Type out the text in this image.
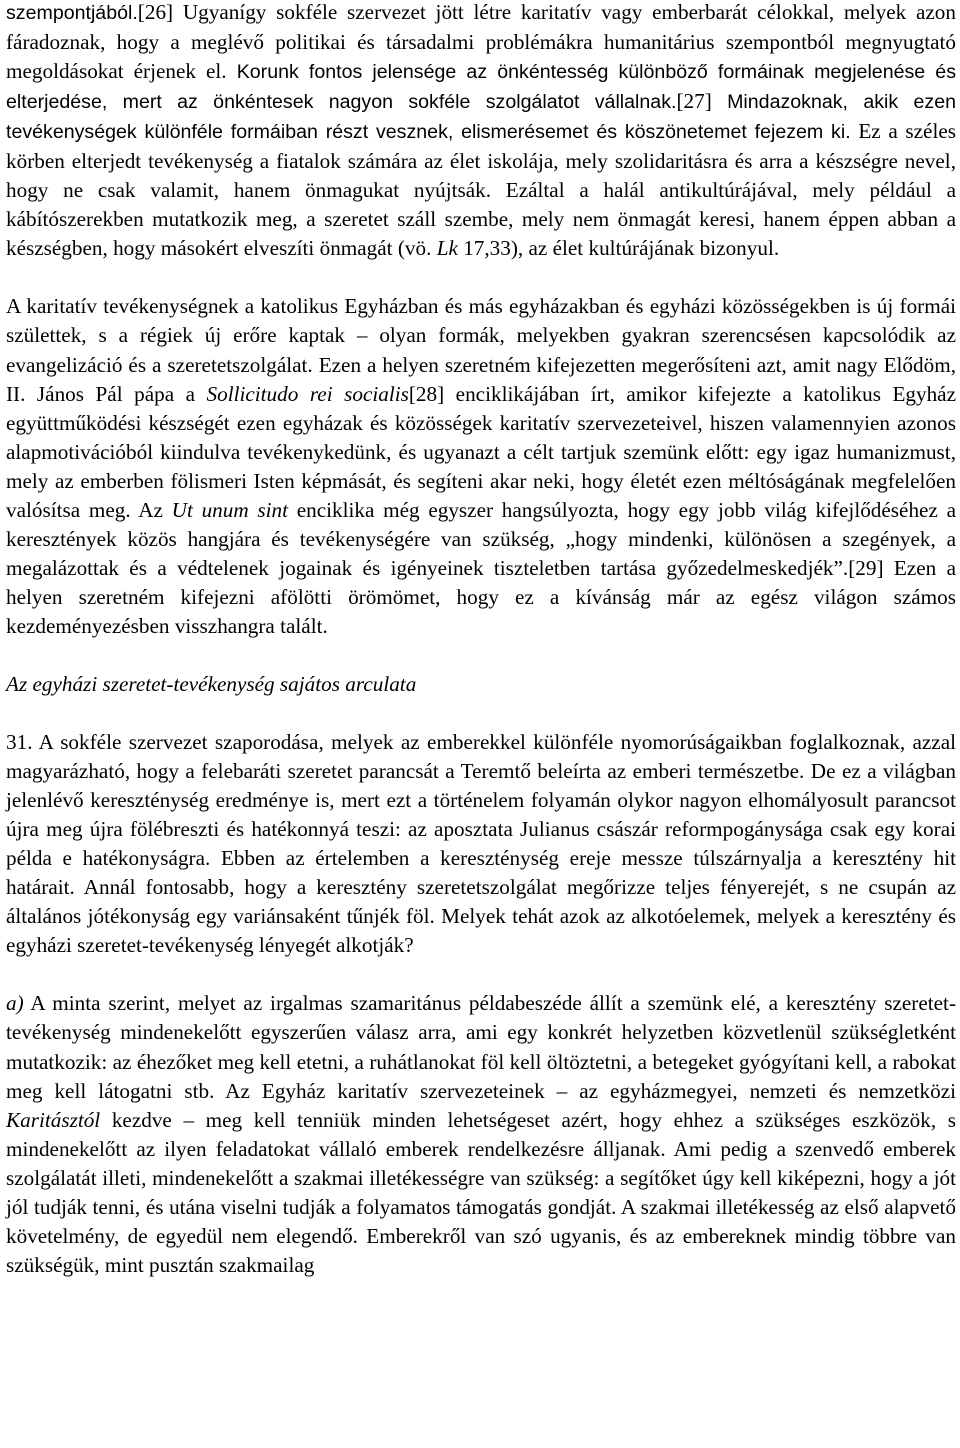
szempontjából.[26] Ugyanígy sokféle szervezet jött létre karitatív vagy emberbarát célokkal, melyek azon fáradoznak, hogy a meglévő politikai és társadalmi problémákra humanitárius szempontból megnyugtató megoldásokat érjenek el. Korunk fontos jelensége az önkéntesség különböző formáinak megjelenése és elterjedése, mert az önkéntesek nagyon sokféle szolgálatot vállalnak.[27] Mindazoknak, akik ezen tevékenységek különféle formáiban részt vesznek, elismerésemet és köszönetemet fejezem ki. Ez a széles körben elterjedt tevékenység a fiatalok számára az élet iskolája, mely szolidaritásra és arra a készségre nevel, hogy ne csak valamit, hanem önmagukat nyújtsák. Ezáltal a halál antikultúrájával, mely például a kábítószerekben mutatkozik meg, a szeretet száll szembe, mely nem önmagát keresi, hanem éppen abban a készségben, hogy másokért elveszíti önmagát (vö. Lk 17,33), az élet kultúrájának bizonyul.

A karitatív tevékenységnek a katolikus Egyházban és más egyházakban és egyházi közösségekben is új formái születtek, s a régiek új erőre kaptak – olyan formák, melyekben gyakran szerencsésen kapcsolódik az evangelizáció és a szeretetszolgálat. Ezen a helyen szeretném kifejezetten megerősíteni azt, amit nagy Elődöm, II. János Pál pápa a Sollicitudo rei socialis[28] enciklikájában írt, amikor kifejezte a katolikus Egyház együttműködési készségét ezen egyházak és közösségek karitatív szervezeteivel, hiszen valamennyien azonos alapmotivációból kiindulva tevékenykedünk, és ugyanazt a célt tartjuk szemünk előtt: egy igaz humanizmust, mely az emberben fölismeri Isten képmását, és segíteni akar neki, hogy életét ezen méltóságának megfelelően valósítsa meg. Az Ut unum sint enciklika még egyszer hangsúlyozta, hogy egy jobb világ kifejlődéséhez a keresztények közös hangjára és tevékenységére van szükség, „hogy mindenki, különösen a szegények, a megalázottak és a védtelenek jogainak és igényeinek tiszteletben tartása győzedelmeskedjék”.[29] Ezen a helyen szeretném kifejezni afölötti örömömet, hogy ez a kívánság már az egész világon számos kezdeményezésben visszhangra talált.

Az egyházi szeretet-tevékenység sajátos arculata

31. A sokféle szervezet szaporodása, melyek az emberekkel különféle nyomorúságaikban foglalkoznak, azzal magyarázható, hogy a felebaráti szeretet parancsát a Teremtő beleírta az emberi természetbe. De ez a világban jelenlévő kereszténység eredménye is, mert ezt a történelem folyamán olykor nagyon elhomályosult parancsot újra meg újra fölébreszti és hatékonnyá teszi: az aposztata Julianus császár reformpogánysága csak egy korai példa e hatékonyságra. Ebben az értelemben a kereszténység ereje messze túlszárnyalja a keresztény hit határait. Annál fontosabb, hogy a keresztény szeretetszolgálat megőrizze teljes fényerejét, s ne csupán az általános jótékonyság egy variánsaként tűnjék föl. Melyek tehát azok az alkotóelemek, melyek a keresztény és egyházi szeretet-tevékenység lényegét alkotják?

a) A minta szerint, melyet az irgalmas szamaritánus példabeszéde állít a szemünk elé, a keresztény szeretet-tevékenység mindenekelőtt egyszerűen válasz arra, ami egy konkrét helyzetben közvetlenül szükségletként mutatkozik: az éhezőket meg kell etetni, a ruhátlanokat föl kell öltöztetni, a betegeket gyógyítani kell, a rabokat meg kell látogatni stb. Az Egyház karitatív szervezeteinek – az egyházmegyei, nemzeti és nemzetközi Karitásztól kezdve – meg kell tenniük minden lehetségeset azért, hogy ehhez a szükséges eszközök, s mindenekelőtt az ilyen feladatokat vállaló emberek rendelkezésre álljanak. Ami pedig a szenvedő emberek szolgálatát illeti, mindenekelőtt a szakmai illetékességre van szükség: a segítőket úgy kell kiképezni, hogy a jót jól tudják tenni, és utána viselni tudják a folyamatos támogatás gondját. A szakmai illetékesség az első alapvető követelmény, de egyedül nem elegendő. Emberekről van szó ugyanis, és az embereknek mindig többre van szükségük, mint pusztán szakmailag
